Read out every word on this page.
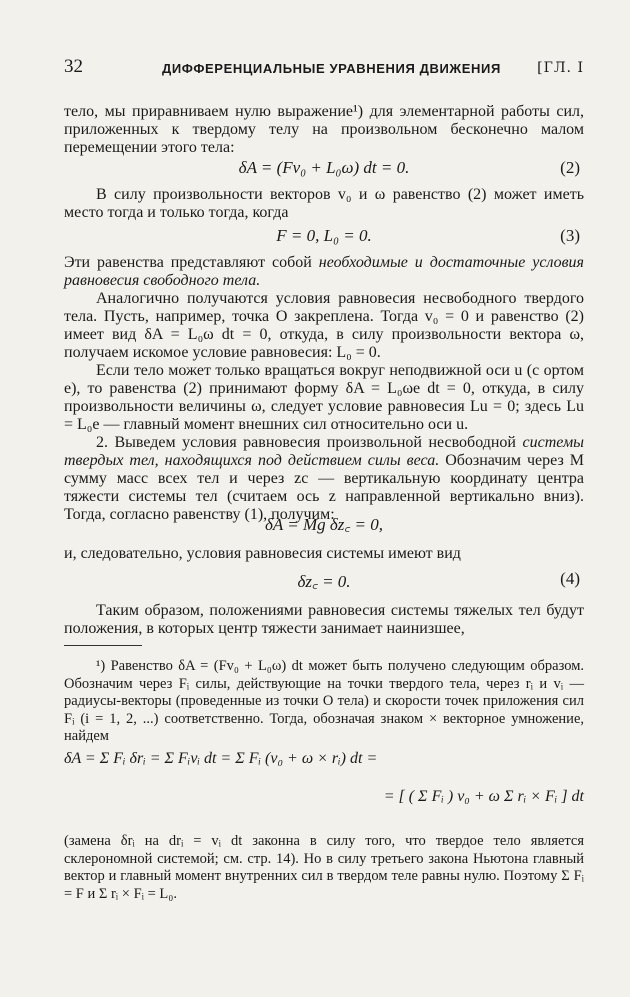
32	ДИФФЕРЕНЦИАЛЬНЫЕ УРАВНЕНИЯ ДВИЖЕНИЯ	[ГЛ. I

тело, мы приравниваем нулю выражение¹) для элементарной работы сил, приложенных к твердому телу на произвольном бесконечно малом перемещении этого тела:

δA = (Fv₀ + L₀ω) dt = 0.	(2)

В силу произвольности векторов v₀ и ω равенство (2) может иметь место тогда и только тогда, когда

F = 0, L₀ = 0.	(3)

Эти равенства представляют собой необходимые и достаточные условия равновесия свободного тела.

Аналогично получаются условия равновесия несвободного твердого тела. Пусть, например, точка O закреплена. Тогда v₀ = 0 и равенство (2) имеет вид δA = L₀ω dt = 0, откуда, в силу произвольности вектора ω, получаем искомое условие равновесия: L₀ = 0.

Если тело может только вращаться вокруг неподвижной оси u (с ортом e), то равенства (2) принимают форму δA = L₀ωe dt = 0, откуда, в силу произвольности величины ω, следует условие равновесия Lu = 0; здесь Lu = L₀e — главный момент внешних сил относительно оси u.

2. Выведем условия равновесия произвольной несвободной системы твердых тел, находящихся под действием силы веса. Обозначим через M сумму масс всех тел и через zc — вертикальную координату центра тяжести системы тел (считаем ось z направленной вертикально вниз). Тогда, согласно равенству (1), получим:

δA = Mg δz꜀ = 0,

и, следовательно, условия равновесия системы имеют вид

δz꜀ = 0.	(4)

Таким образом, положениями равновесия системы тяжелых тел будут положения, в которых центр тяжести занимает наинизшее,

¹) Равенство δA = (Fv₀ + L₀ω) dt может быть получено следующим образом. Обозначим через Fᵢ силы, действующие на точки твердого тела, через rᵢ и vᵢ — радиусы-векторы (проведенные из точки O тела) и скорости точек приложения сил Fᵢ (i = 1, 2, ...) соответственно. Тогда, обозначая знаком × векторное умножение, найдем

δA = Σ Fᵢ δrᵢ = Σ Fᵢvᵢ dt = Σ Fᵢ (v₀ + ω × rᵢ) dt =
= [ ( Σ Fᵢ ) v₀ + ω Σ rᵢ × Fᵢ ] dt

(замена δrᵢ на drᵢ = vᵢ dt законна в силу того, что твердое тело является склерономной системой; см. стр. 14). Но в силу третьего закона Ньютона главный вектор и главный момент внутренних сил в твердом теле равны нулю. Поэтому Σ Fᵢ = F и Σ rᵢ × Fᵢ = L₀.
